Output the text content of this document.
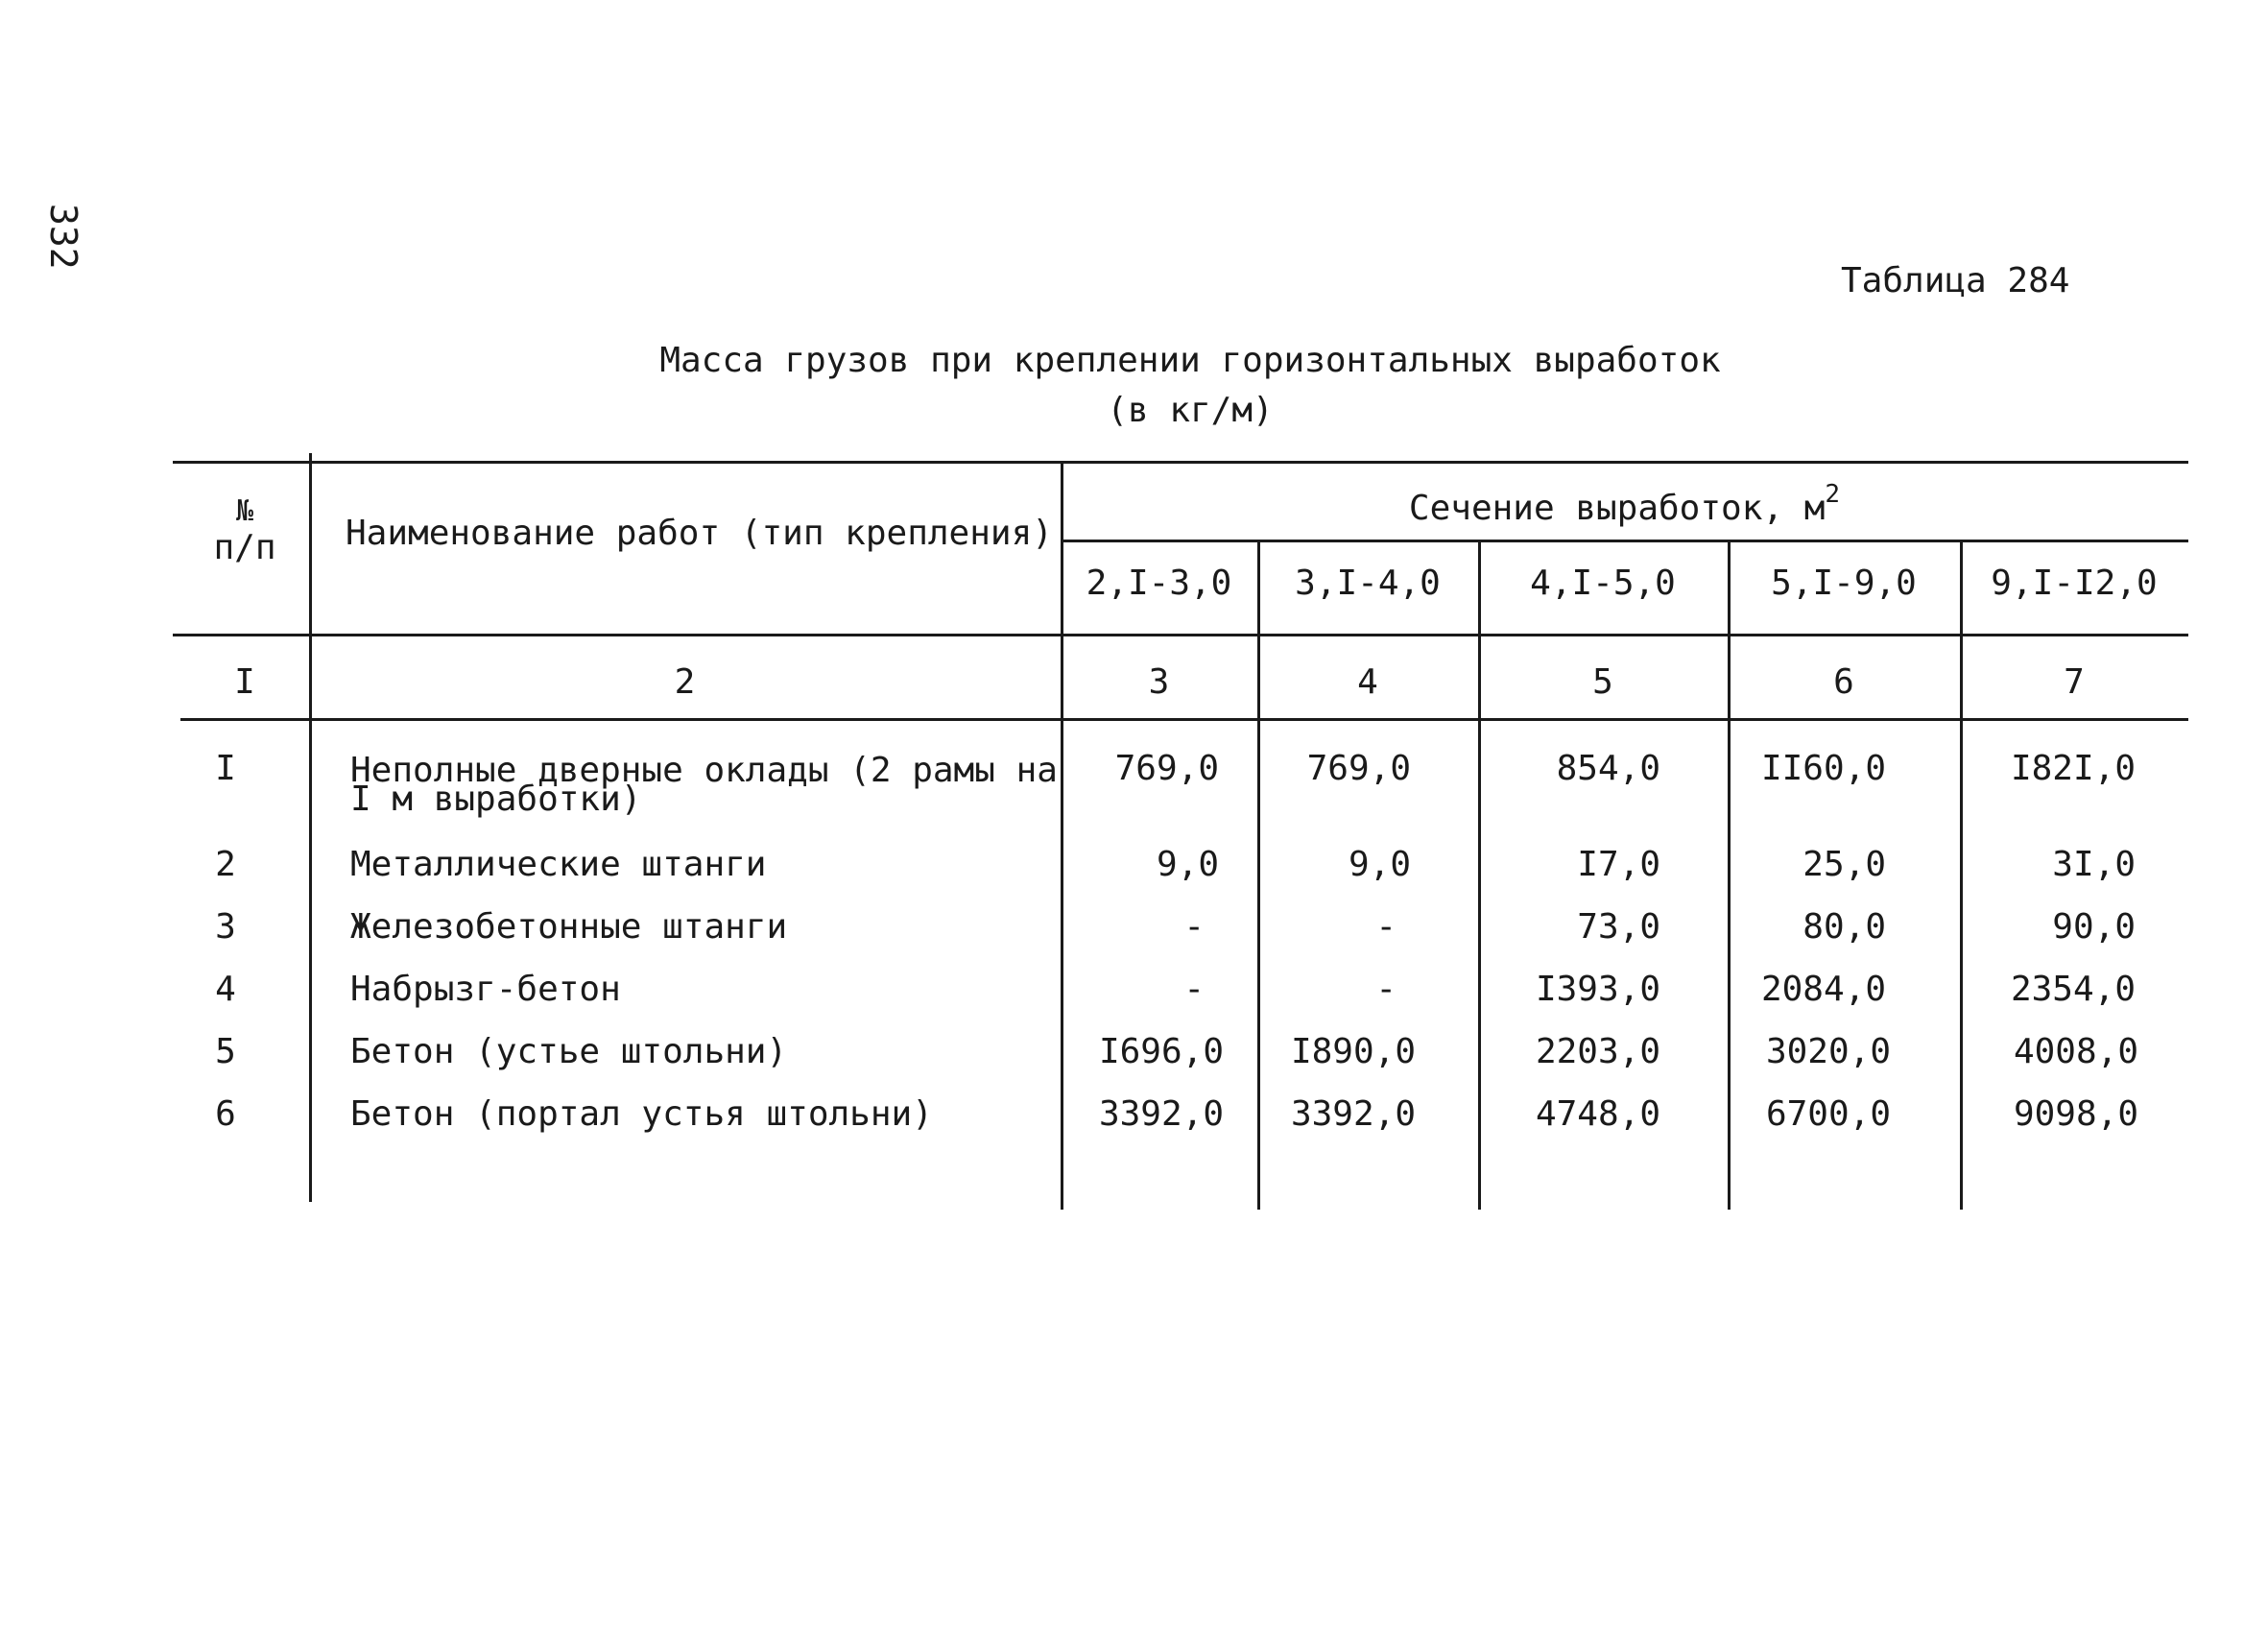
332
Таблица 284
Масса грузов при креплении горизонтальных выработок
(в кг/м)
№
п/п	Наименование работ (тип крепления)
Сечение выработок, $м^2$
2,I-3,0	3,I-4,0	4,I-5,0	5,I-9,0	9,I-I2,0
I	2	3	4	5	6	7
I	Неполные дверные оклады (2 рамы на
I м выработки)
769,0	769,0	854,0	II60,0	I82I,0
2	Металлические штанги	9,0	9,0	I7,0	25,0	3I,0
3	Железобетонные штанги	-	-	73,0	80,0	90,0
4	Набрызг-бетон	-	-	I393,0	2084,0	2354,0
5	Бетон (устье штольни)	I696,0	I890,0	2203,0	3020,0	4008,0
6	Бетон (портал устья штольни)	3392,0	3392,0	4748,0	6700,0	9098,0
